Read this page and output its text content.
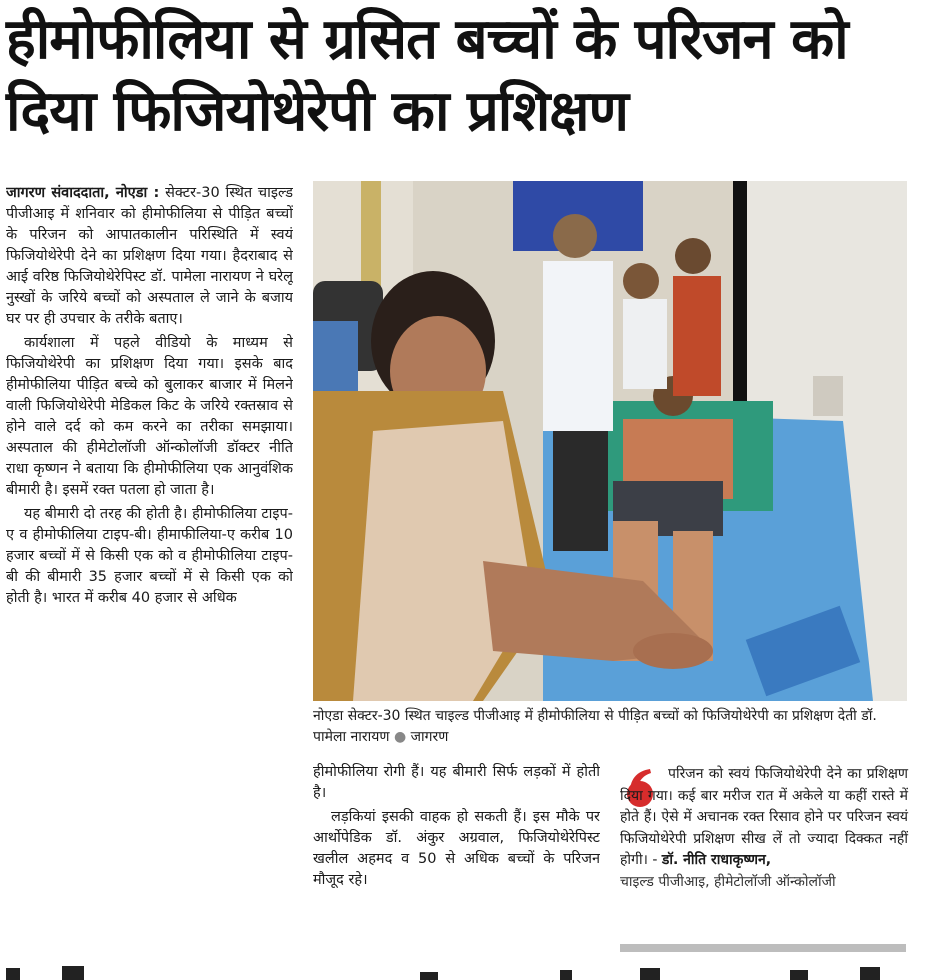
हीमोफीलिया से ग्रसित बच्चों के परिजन को दिया फिजियोथेरेपी का प्रशिक्षण

जागरण संवाददाता, नोएडा : सेक्टर-30 स्थित चाइल्ड पीजीआइ में शनिवार को हीमोफीलिया से पीड़ित बच्चों के परिजन को आपातकालीन परिस्थिति में स्वयं फिजियोथेरेपी देने का प्रशिक्षण दिया गया। हैदराबाद से आई वरिष्ठ फिजियोथेरेपिस्ट डॉ. पामेला नारायण ने घरेलू नुस्खों के जरिये बच्चों को अस्पताल ले जाने के बजाय घर पर ही उपचार के तरीके बताए।

कार्यशाला में पहले वीडियो के माध्यम से फिजियोथेरेपी का प्रशिक्षण दिया गया। इसके बाद हीमोफीलिया पीड़ित बच्चे को बुलाकर बाजार में मिलने वाली फिजियोथेरेपी मेडिकल किट के जरिये रक्तस्राव से होने वाले दर्द को कम करने का तरीका समझाया। अस्पताल की हीमेटोलॉजी ऑन्कोलॉजी डॉक्टर नीति राधा कृष्णन ने बताया कि हीमोफीलिया एक आनुवंशिक बीमारी है। इसमें रक्त पतला हो जाता है।

यह बीमारी दो तरह की होती है। हीमोफीलिया टाइप-ए व हीमोफीलिया टाइप-बी। हीमाफीलिया-ए करीब 10 हजार बच्चों में से किसी एक को व हीमोफीलिया टाइप-बी की बीमारी 35 हजार बच्चों में से किसी एक को होती है। भारत में करीब 40 हजार से अधिक

नोएडा सेक्टर-30 स्थित चाइल्ड पीजीआइ में हीमोफीलिया से पीड़ित बच्चों को फिजियोथेरेपी का प्रशिक्षण देती डॉ. पामेला नारायण ● जागरण

हीमोफीलिया रोगी हैं। यह बीमारी सिर्फ लड़कों में होती है।

लड़कियां इसकी वाहक हो सकती हैं। इस मौके पर आर्थोपेडिक डॉ. अंकुर अग्रवाल, फिजियोथेरेपिस्ट खलील अहमद व 50 से अधिक बच्चों के परिजन मौजूद रहे।

परिजन को स्वयं फिजियोथेरेपी देने का प्रशिक्षण दिया गया। कई बार मरीज रात में अकेले या कहीं रास्ते में होते हैं। ऐसे में अचानक रक्त रिसाव होने पर परिजन स्वयं फिजियोथेरेपी प्रशिक्षण सीख लें तो ज्यादा दिक्कत नहीं होगी। - डॉ. नीति राधाकृष्णन,
चाइल्ड पीजीआइ, हीमेटोलॉजी ऑन्कोलॉजी
